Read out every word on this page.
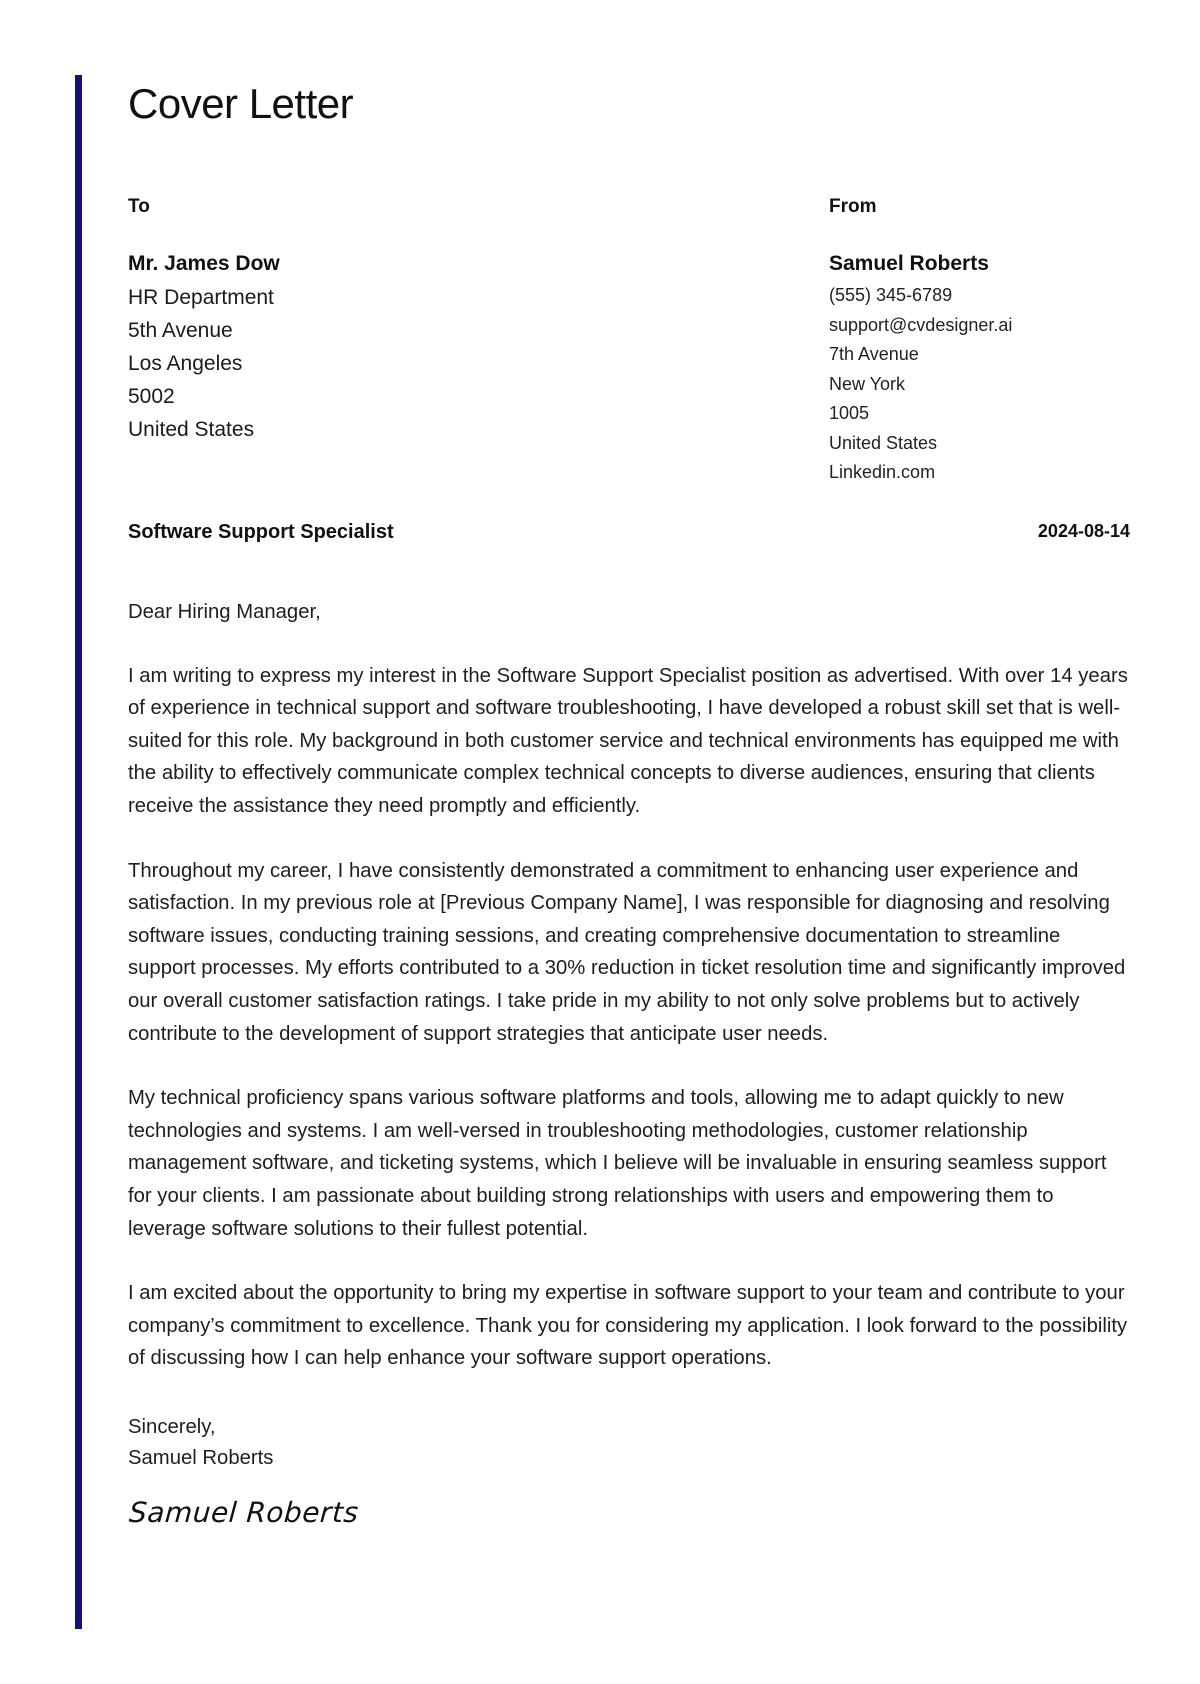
Cover Letter
To	From
Mr. James Dow
HR Department
5th Avenue
Los Angeles
5002
United States
Samuel Roberts
(555) 345-6789
support@cvdesigner.ai
7th Avenue
New York
1005
United States
Linkedin.com
Software Support Specialist	2024-08-14

Dear Hiring Manager,

I am writing to express my interest in the Software Support Specialist position as advertised. With over 14 years of experience in technical support and software troubleshooting, I have developed a robust skill set that is well-suited for this role. My background in both customer service and technical environments has equipped me with the ability to effectively communicate complex technical concepts to diverse audiences, ensuring that clients receive the assistance they need promptly and efficiently.

Throughout my career, I have consistently demonstrated a commitment to enhancing user experience and satisfaction. In my previous role at [Previous Company Name], I was responsible for diagnosing and resolving software issues, conducting training sessions, and creating comprehensive documentation to streamline support processes. My efforts contributed to a 30% reduction in ticket resolution time and significantly improved our overall customer satisfaction ratings. I take pride in my ability to not only solve problems but to actively contribute to the development of support strategies that anticipate user needs.

My technical proficiency spans various software platforms and tools, allowing me to adapt quickly to new technologies and systems. I am well-versed in troubleshooting methodologies, customer relationship management software, and ticketing systems, which I believe will be invaluable in ensuring seamless support for your clients. I am passionate about building strong relationships with users and empowering them to leverage software solutions to their fullest potential.

I am excited about the opportunity to bring my expertise in software support to your team and contribute to your company’s commitment to excellence. Thank you for considering my application. I look forward to the possibility of discussing how I can help enhance your software support operations.

Sincerely,
Samuel Roberts
Samuel Roberts
